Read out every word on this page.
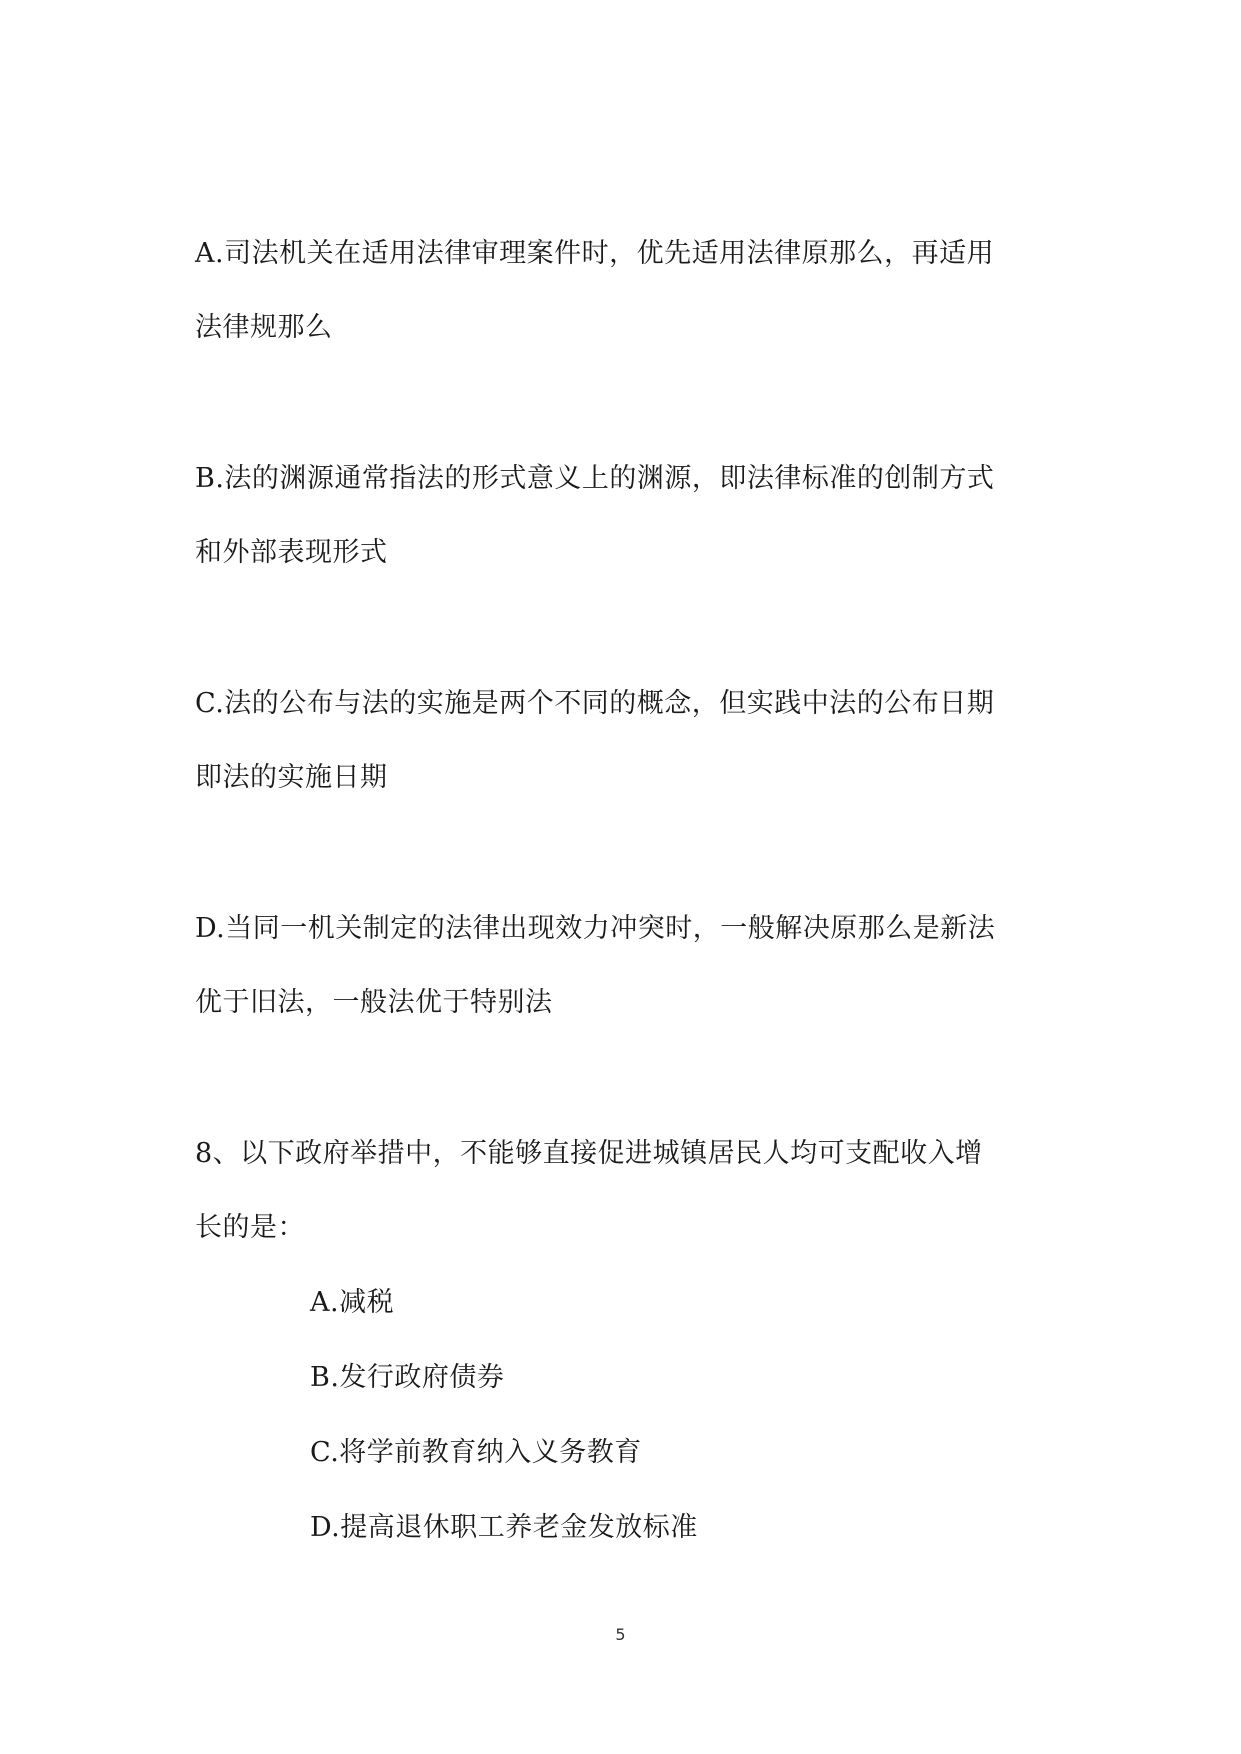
A.司法机关在适用法律审理案件时，优先适用法律原那么，再适用
法律规那么
B.法的渊源通常指法的形式意义上的渊源，即法律标准的创制方式
和外部表现形式
C.法的公布与法的实施是两个不同的概念，但实践中法的公布日期
即法的实施日期
D.当同一机关制定的法律出现效力冲突时，一般解决原那么是新法
优于旧法，一般法优于特别法
8、以下政府举措中，不能够直接促进城镇居民人均可支配收入增
长的是：
A.减税
B.发行政府债券
C.将学前教育纳入义务教育
D.提高退休职工养老金发放标准
5
